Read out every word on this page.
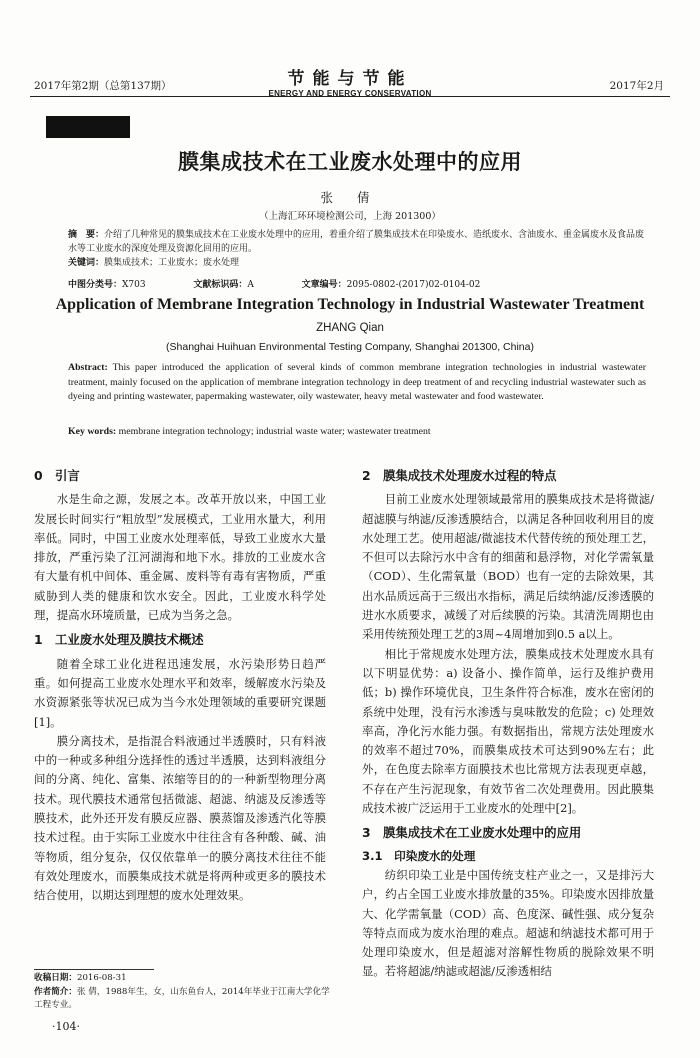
2017年第2期（总第137期）	节能与节能
ENERGY AND ENERGY CONSERVATION
2017年2月
膜集成技术在工业废水处理中的应用
张 倩
（上海汇环环境检测公司，上海 201300）
摘　要：介绍了几种常见的膜集成技术在工业废水处理中的应用，着重介绍了膜集成技术在印染废水、造纸废水、含油废水、重金属废水及食品废水等工业废水的深度处理及资源化回用的应用。
关键词：膜集成技术；工业废水；废水处理
中图分类号：X703	文献标识码：A	文章编号：2095-0802-(2017)02-0104-02
Application of Membrane Integration Technology in Industrial Wastewater Treatment
ZHANG Qian
(Shanghai Huihuan Environmental Testing Company, Shanghai 201300, China)
Abstract: This paper introduced the application of several kinds of common membrane integration technologies in industrial wastewater treatment, mainly focused on the application of membrane integration technology in deep treatment of and recycling industrial wastewater such as dyeing and printing wastewater, papermaking wastewater, oily wastewater, heavy metal wastewater and food wastewater.
Key words: membrane integration technology; industrial waste water; wastewater treatment
0　引言

水是生命之源，发展之本。改革开放以来，中国工业发展长时间实行“粗放型”发展模式，工业用水量大，利用率低。同时，中国工业废水处理率低，导致工业废水大量排放，严重污染了江河湖海和地下水。排放的工业废水含有大量有机中间体、重金属、废料等有毒有害物质，严重威胁到人类的健康和饮水安全。因此，工业废水科学处理，提高水环境质量，已成为当务之急。

1　工业废水处理及膜技术概述

随着全球工业化进程迅速发展，水污染形势日趋严重。如何提高工业废水处理水平和效率，缓解废水污染及水资源紧张等状况已成为当今水处理领域的重要研究课题[1]。

膜分离技术，是指混合料液通过半透膜时，只有料液中的一种或多种组分选择性的透过半透膜，达到料液组分间的分离、纯化、富集、浓缩等目的的一种新型物理分离技术。现代膜技术通常包括微滤、超滤、纳滤及反渗透等膜技术，此外还开发有膜反应器、膜蒸馏及渗透汽化等膜技术过程。由于实际工业废水中往往含有各种酸、碱、油等物质，组分复杂，仅仅依靠单一的膜分离技术往往不能有效处理废水，而膜集成技术就是将两种或更多的膜技术结合使用，以期达到理想的废水处理效果。

2　膜集成技术处理废水过程的特点

目前工业废水处理领域最常用的膜集成技术是将微滤/超滤膜与纳滤/反渗透膜结合，以满足各种回收利用目的废水处理工艺。使用超滤/微滤技术代替传统的预处理工艺，不但可以去除污水中含有的细菌和悬浮物，对化学需氧量（COD）、生化需氧量（BOD）也有一定的去除效果，其出水品质远高于三级出水指标，满足后续纳滤/反渗透膜的进水水质要求，减缓了对后续膜的污染。其清洗周期也由采用传统预处理工艺的3周~4周增加到0.5 a以上。

相比于常规废水处理方法，膜集成技术处理废水具有以下明显优势：a) 设备小、操作简单，运行及维护费用低；b) 操作环境优良，卫生条件符合标准，废水在密闭的系统中处理，没有污水渗透与臭味散发的危险；c) 处理效率高，净化污水能力强。有数据指出，常规方法处理废水的效率不超过70%，而膜集成技术可达到90%左右；此外，在色度去除率方面膜技术也比常规方法表现更卓越，不存在产生污泥现象，有效节省二次处理费用。因此膜集成技术被广泛运用于工业废水的处理中[2]。

3　膜集成技术在工业废水处理中的应用
3.1　印染废水的处理

纺织印染工业是中国传统支柱产业之一，又是排污大户，约占全国工业废水排放量的35%。印染废水因排放量大、化学需氧量（COD）高、色度深、碱性强、成分复杂等特点而成为废水治理的难点。超滤和纳滤技术都可用于处理印染废水，但是超滤对溶解性物质的脱除效果不明显。若将超滤/纳滤或超滤/反渗透相结

收稿日期：2016-08-31
作者简介：张 倩，1988年生，女，山东鱼台人，2014年毕业于江南大学化学工程专业。
·104·
